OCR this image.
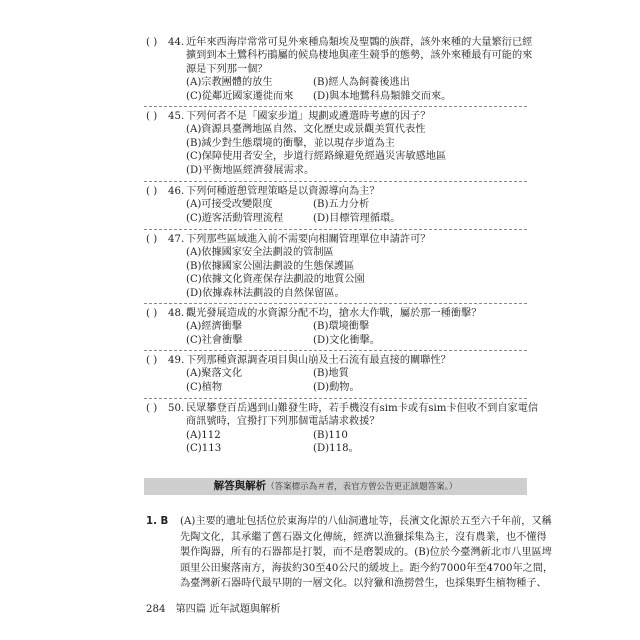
( )	44. 近年來西海岸常常可見外來種鳥類埃及聖䴉的族群，該外來種的大量繁衍已經
擴到到本土鷺科朽鵑屬的候鳥棲地與產生競爭的態勢，該外來種最有可能的來
源是下列那一個？
(A)宗教團體的放生	(B)經人為飼養後逃出
(C)從鄰近國家遷徙而來	(D)與本地鷺科鳥類雜交而來。
( )	45. 下列何者不是「國家步道」規劃或遴選時考慮的因子？
(A)資源具臺灣地區自然、文化歷史或景觀美質代表性
(B)減少對生態環境的衝擊，並以現存步道為主
(C)保障使用者安全，步道行經路線避免經過災害敏感地區
(D)平衡地區經濟發展需求。
( )	46. 下列何種遊憩管理策略是以資源導向為主？
(A)可接受改變限度	(B)五力分析
(C)遊客活動管理流程	(D)目標管理循環。
( )	47. 下列那些區域進入前不需要向相關管理單位申請許可？
(A)依據國家安全法劃設的管制區
(B)依據國家公園法劃設的生態保護區
(C)依據文化資產保存法劃設的地質公園
(D)依據森林法劃設的自然保留區。
( )	48. 觀光發展造成的水資源分配不均，搶水大作戰，屬於那一種衝擊？
(A)經濟衝擊	(B)環境衝擊
(C)社會衝擊	(D)文化衝擊。
( )	49. 下列那種資源調查項目與山崩及土石流有最直接的關聯性？
(A)聚落文化	(B)地質
(C)植物	(D)動物。
( )	50. 民眾攀登百岳遇到山難發生時，若手機沒有sim卡或有sim卡但收不到自家電信
商訊號時，宜撥打下列那個電話請求救援？
(A)112	(B)110
(C)113	(D)118。
解答與解析（答案標示為＃者，表官方曾公告更正該題答案。）
1. B (A)主要的遺址包括位於東海岸的八仙洞遺址等，長濱文化源於五至六千年前，又稱
先陶文化，其承繼了舊石器文化傳統，經濟以漁獵採集為主，沒有農業，也不懂得
製作陶器，所有的石器都是打製，而不是磨製成的。(B)位於今臺灣新北市八里區埤
頭里公田聚落南方，海拔約30至40公尺的緩坡上。距今約7000年至4700年之間，
為臺灣新石器時代最早期的一層文化。以狩獵和漁撈營生，也採集野生植物種子、
284 第四篇 近年試題與解析
